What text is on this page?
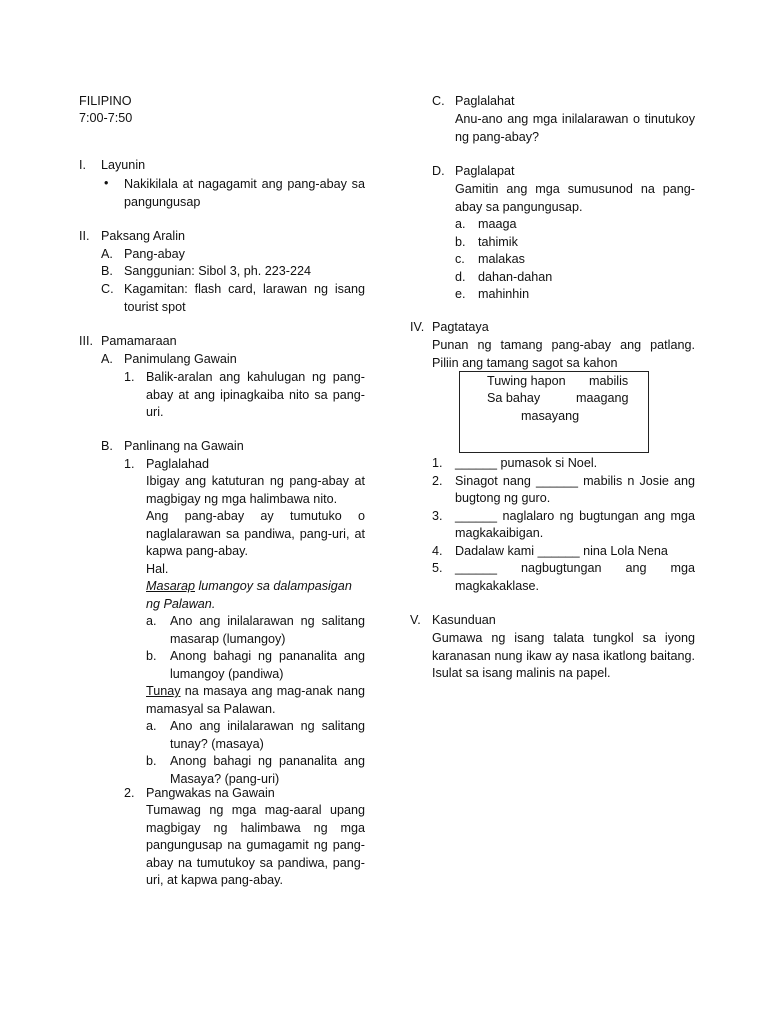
FILIPINO
7:00-7:50
I. Layunin
• Nakikilala at nagagamit ang pang-abay sa pangungusap

II. Paksang Aralin
A. Pang-abay
B. Sanggunian: Sibol 3, ph. 223-224
C. Kagamitan: flash card, larawan ng isang tourist spot

III. Pamamaraan
A. Panimulang Gawain
1. Balik-aralan ang kahulugan ng pang-abay at ang ipinagkaiba nito sa pang-uri.

B. Panlinang na Gawain
1. Paglalahad

Ibigay ang katuturan ng pang-abay at magbigay ng mga halimbawa nito.

Ang pang-abay ay tumutuko o naglalarawan sa pandiwa, pang-uri, at kapwa pang-abay.

Hal.

Masarap lumangoy sa dalampasigan ng Palawan.

a. Ano ang inilalarawan ng salitang masarap (lumangoy)

b. Anong bahagi ng pananalita ang lumangoy (pandiwa)

Tunay na masaya ang mag-anak nang mamasyal sa Palawan.

a. Ano ang inilalarawan ng salitang tunay? (masaya)

b. Anong bahagi ng pananalita ang Masaya? (pang-uri)

2. Pangwakas na Gawain

Tumawag ng mga mag-aaral upang magbigay ng halimbawa ng mga pangungusap na gumagamit ng pang-abay na tumutukoy sa pandiwa, pang-uri, at kapwa pang-abay.

C. Paglalahat

Anu-ano ang mga inilalarawan o tinutukoy ng pang-abay?

D. Paglalapat

Gamitin ang mga sumusunod na pang-abay sa pangungusap.

a. maaga
b. tahimik
c. malakas
d. dahan-dahan
e. mahinhin
IV. Pagtataya

Punan ng tamang pang-abay ang patlang. Piliin ang tamang sagot sa kahon

Tuwing hapon mabilis
Sa bahay	maagang
masayang
1. ______ pumasok si Noel.

2. Sinagot nang ______ mabilis n Josie ang bugtong ng guro.

3. ______ naglalaro ng bugtungan ang mga magkakaibigan.

4. Dadalaw kami ______ nina Lola Nena

5. ______ nagbugtungan ang mga magkakaklase.

V. Kasunduan

Gumawa ng isang talata tungkol sa iyong karanasan nung ikaw ay nasa ikatlong baitang. Isulat sa isang malinis na papel.
